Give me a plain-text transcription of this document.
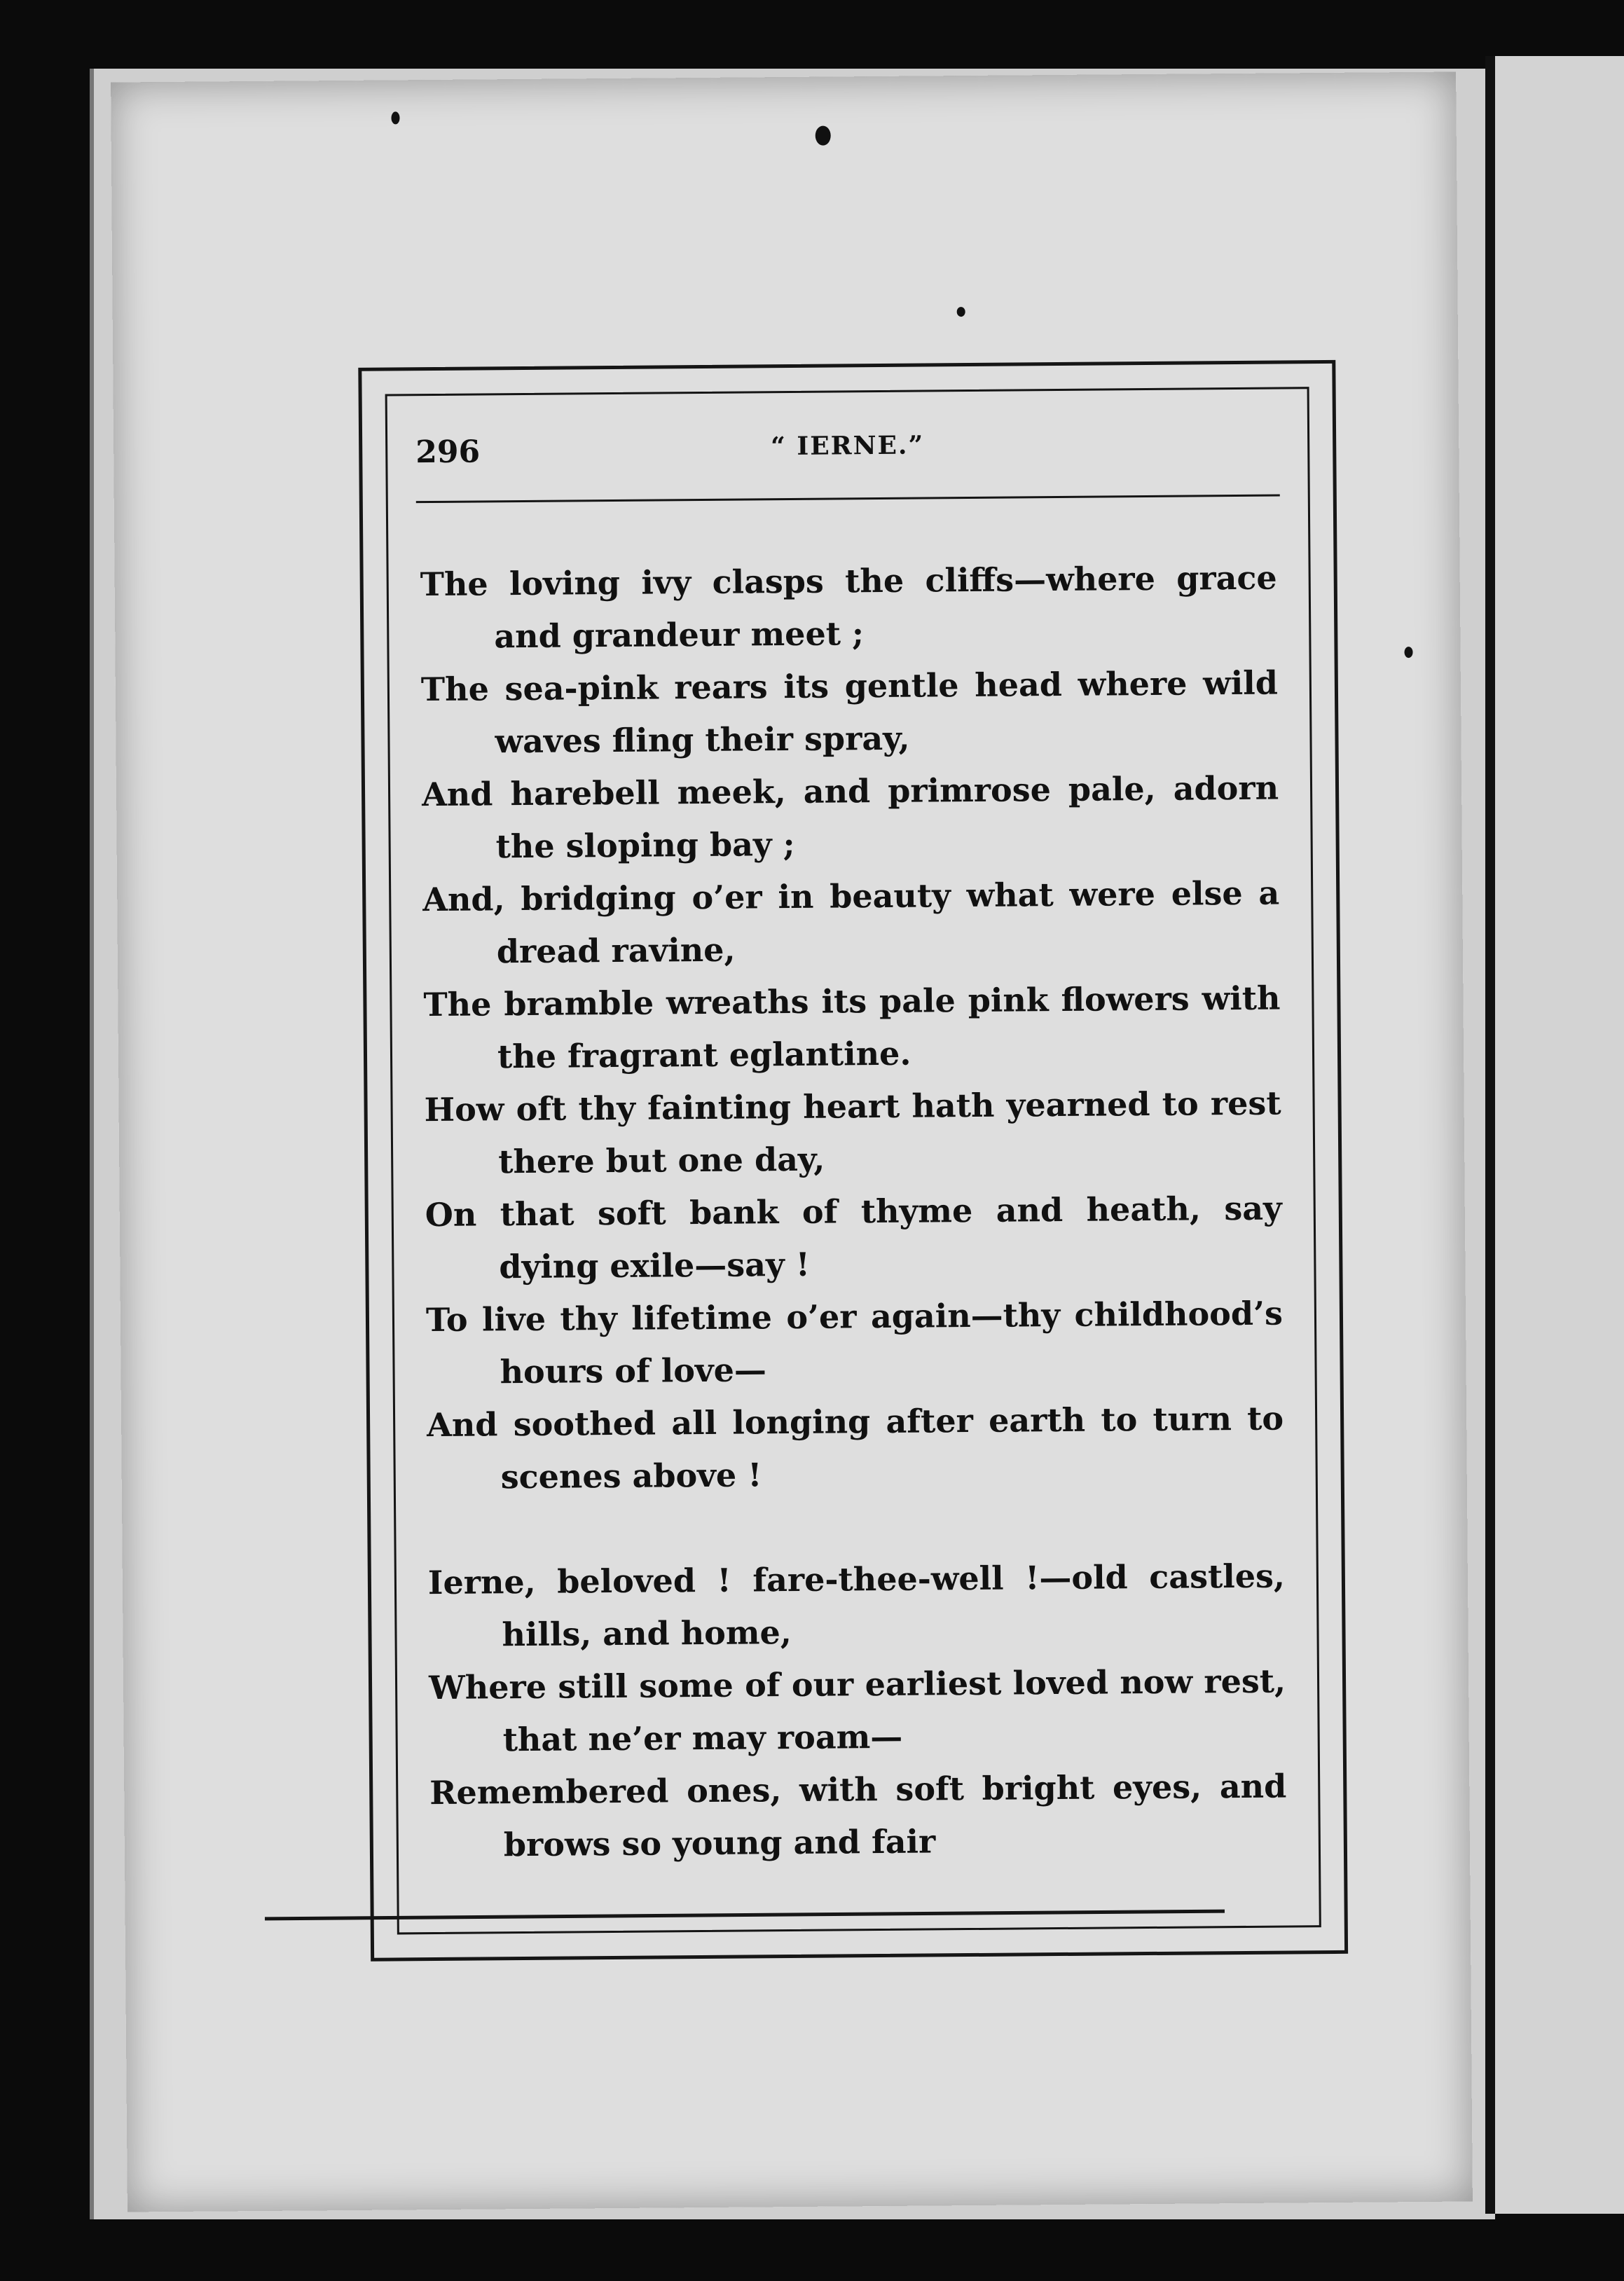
296	“ IERNE.”

The loving ivy clasps the cliffs—where grace and grandeur meet ;
The sea-pink rears its gentle head where wild waves fling their spray,
And harebell meek, and primrose pale, adorn the sloping bay ;
And, bridging o’er in beauty what were else a dread ravine,
The bramble wreaths its pale pink flowers with the fragrant eglantine.
How oft thy fainting heart hath yearned to rest there but one day,
On that soft bank of thyme and heath, say dying exile—say !
To live thy lifetime o’er again—thy childhood’s hours of love—
And soothed all longing after earth to turn to scenes above !

Ierne, beloved ! fare-thee-well !—old castles, hills, and home,
Where still some of our earliest loved now rest, that ne’er may roam—
Remembered ones, with soft bright eyes, and brows so young and fair
